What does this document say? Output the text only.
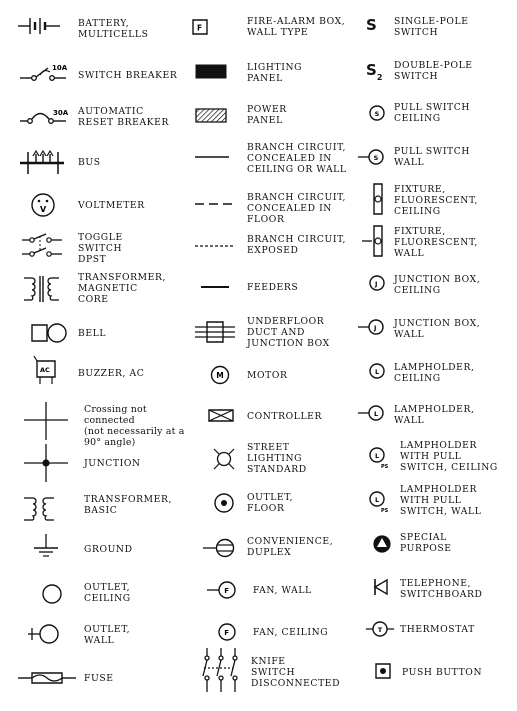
BATTERY,
MULTICELLS
10A
SWITCH BREAKER
30A AUTOMATIC
RESET BREAKER
BUS
V	VOLTMETER
TOGGLE
SWITCH
DPST
TRANSFORMER,
MAGNETIC
CORE
BELL
AC	BUZZER, AC
Crossing not connected
(not necessarily at a
90° angle)
JUNCTION
TRANSFORMER,
BASIC
GROUND
OUTLET,
CEILING
OUTLET,
WALL
FUSE
F
FIRE-ALARM BOX,
WALL TYPE
LIGHTING
PANEL
POWER
PANEL
BRANCH CIRCUIT,
CONCEALED IN
CEILING OR WALL
BRANCH CIRCUIT,
CONCEALED IN FLOOR
BRANCH CIRCUIT,
EXPOSED
FEEDERS
UNDERFLOOR
DUCT AND
JUNCTION BOX
M	MOTOR
CONTROLLER
STREET
LIGHTING
STANDARD
OUTLET,
FLOOR
CONVENIENCE,
DUPLEX
F	FAN, WALL
F	FAN, CEILING
KNIFE
SWITCH
DISCONNECTED
S SINGLE-POLE
SWITCH
$S_2$
DOUBLE-POLE
SWITCH
S
PULL SWITCH
CEILING
S
PULL SWITCH
WALL
FIXTURE,
FLUORESCENT,
CEILING
FIXTURE,
FLUORESCENT,
WALL
J JUNCTION BOX,
CEILING
J JUNCTION BOX,
WALL
L LAMPHOLDER,
CEILING
L LAMPHOLDER,
WALL
L
PS
LAMPHOLDER
WITH PULL
SWITCH, CEILING
L
PS
LAMPHOLDER
WITH PULL
SWITCH, WALL
SPECIAL
PURPOSE
TELEPHONE,
SWITCHBOARD
T THERMOSTAT
PUSH BUTTON
